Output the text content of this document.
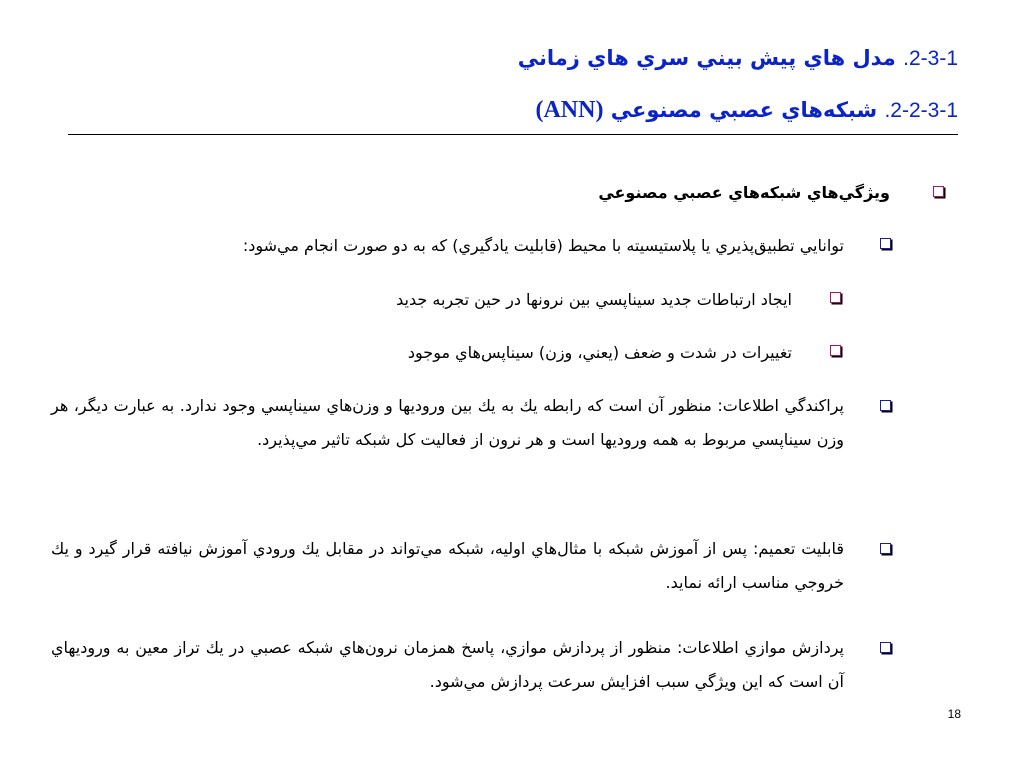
2-3-1. مدل هاي پيش بيني سري هاي زماني
2-2-3-1. شبكه‌هاي عصبي مصنوعي (ANN)
ويژگي‌هاي شبكه‌هاي عصبي مصنوعي
توانايي تطبيق‌پذيري يا پلاستيسيته با محيط (قابليت يادگيري) كه به دو صورت انجام مي‌شود:
ايجاد ارتباطات جديد سيناپسي بين نرونها در حين تجربه جديد
تغييرات در شدت و ضعف (يعني، وزن) سيناپس‌هاي موجود
پراكندگي اطلاعات: منظور آن است كه رابطه يك به يك بين وروديها و وزن‌هاي سيناپسي وجود ندارد. به عبارت ديگر، هر وزن سيناپسي مربوط به همه وروديها است و هر نرون از فعاليت كل شبكه تاثير مي‌پذيرد.
قابليت تعميم: پس از آموزش شبكه با مثال‌هاي اوليه، شبكه مي‌تواند در مقابل يك ورودي آموزش نيافته قرار گيرد و يك خروجي مناسب ارائه نمايد.
پردازش موازي اطلاعات: منظور از پردازش موازي، پاسخ همزمان نرون‌هاي شبكه عصبي در يك تراز معين به وروديهاي آن است كه اين ويژگي سبب افزايش سرعت پردازش مي‌شود.
18
